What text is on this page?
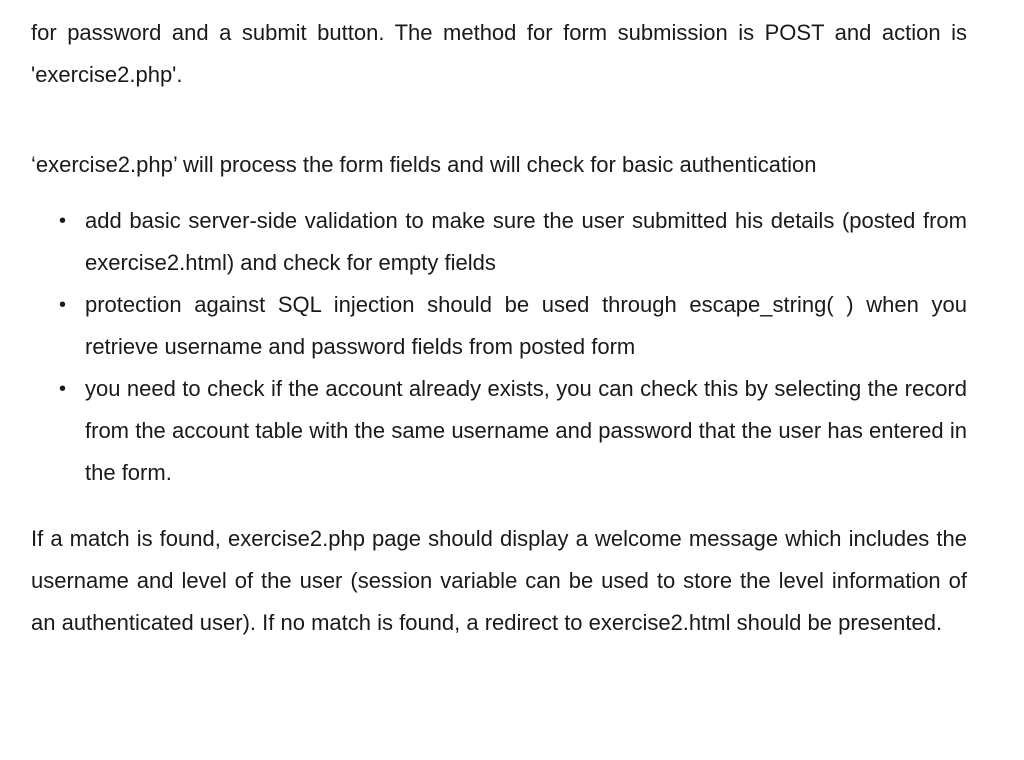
for password and a submit button. The method for form submission is POST and action is 'exercise2.php'.

‘exercise2.php’ will process the form fields and will check for basic authentication

• add basic server-side validation to make sure the user submitted his details (posted from exercise2.html) and check for empty fields
• protection against SQL injection should be used through escape_string( ) when you retrieve username and password fields from posted form
• you need to check if the account already exists, you can check this by selecting the record from the account table with the same username and password that the user has entered in the form.

If a match is found, exercise2.php page should display a welcome message which includes the username and level of the user (session variable can be used to store the level information of an authenticated user). If no match is found, a redirect to exercise2.html should be presented.
